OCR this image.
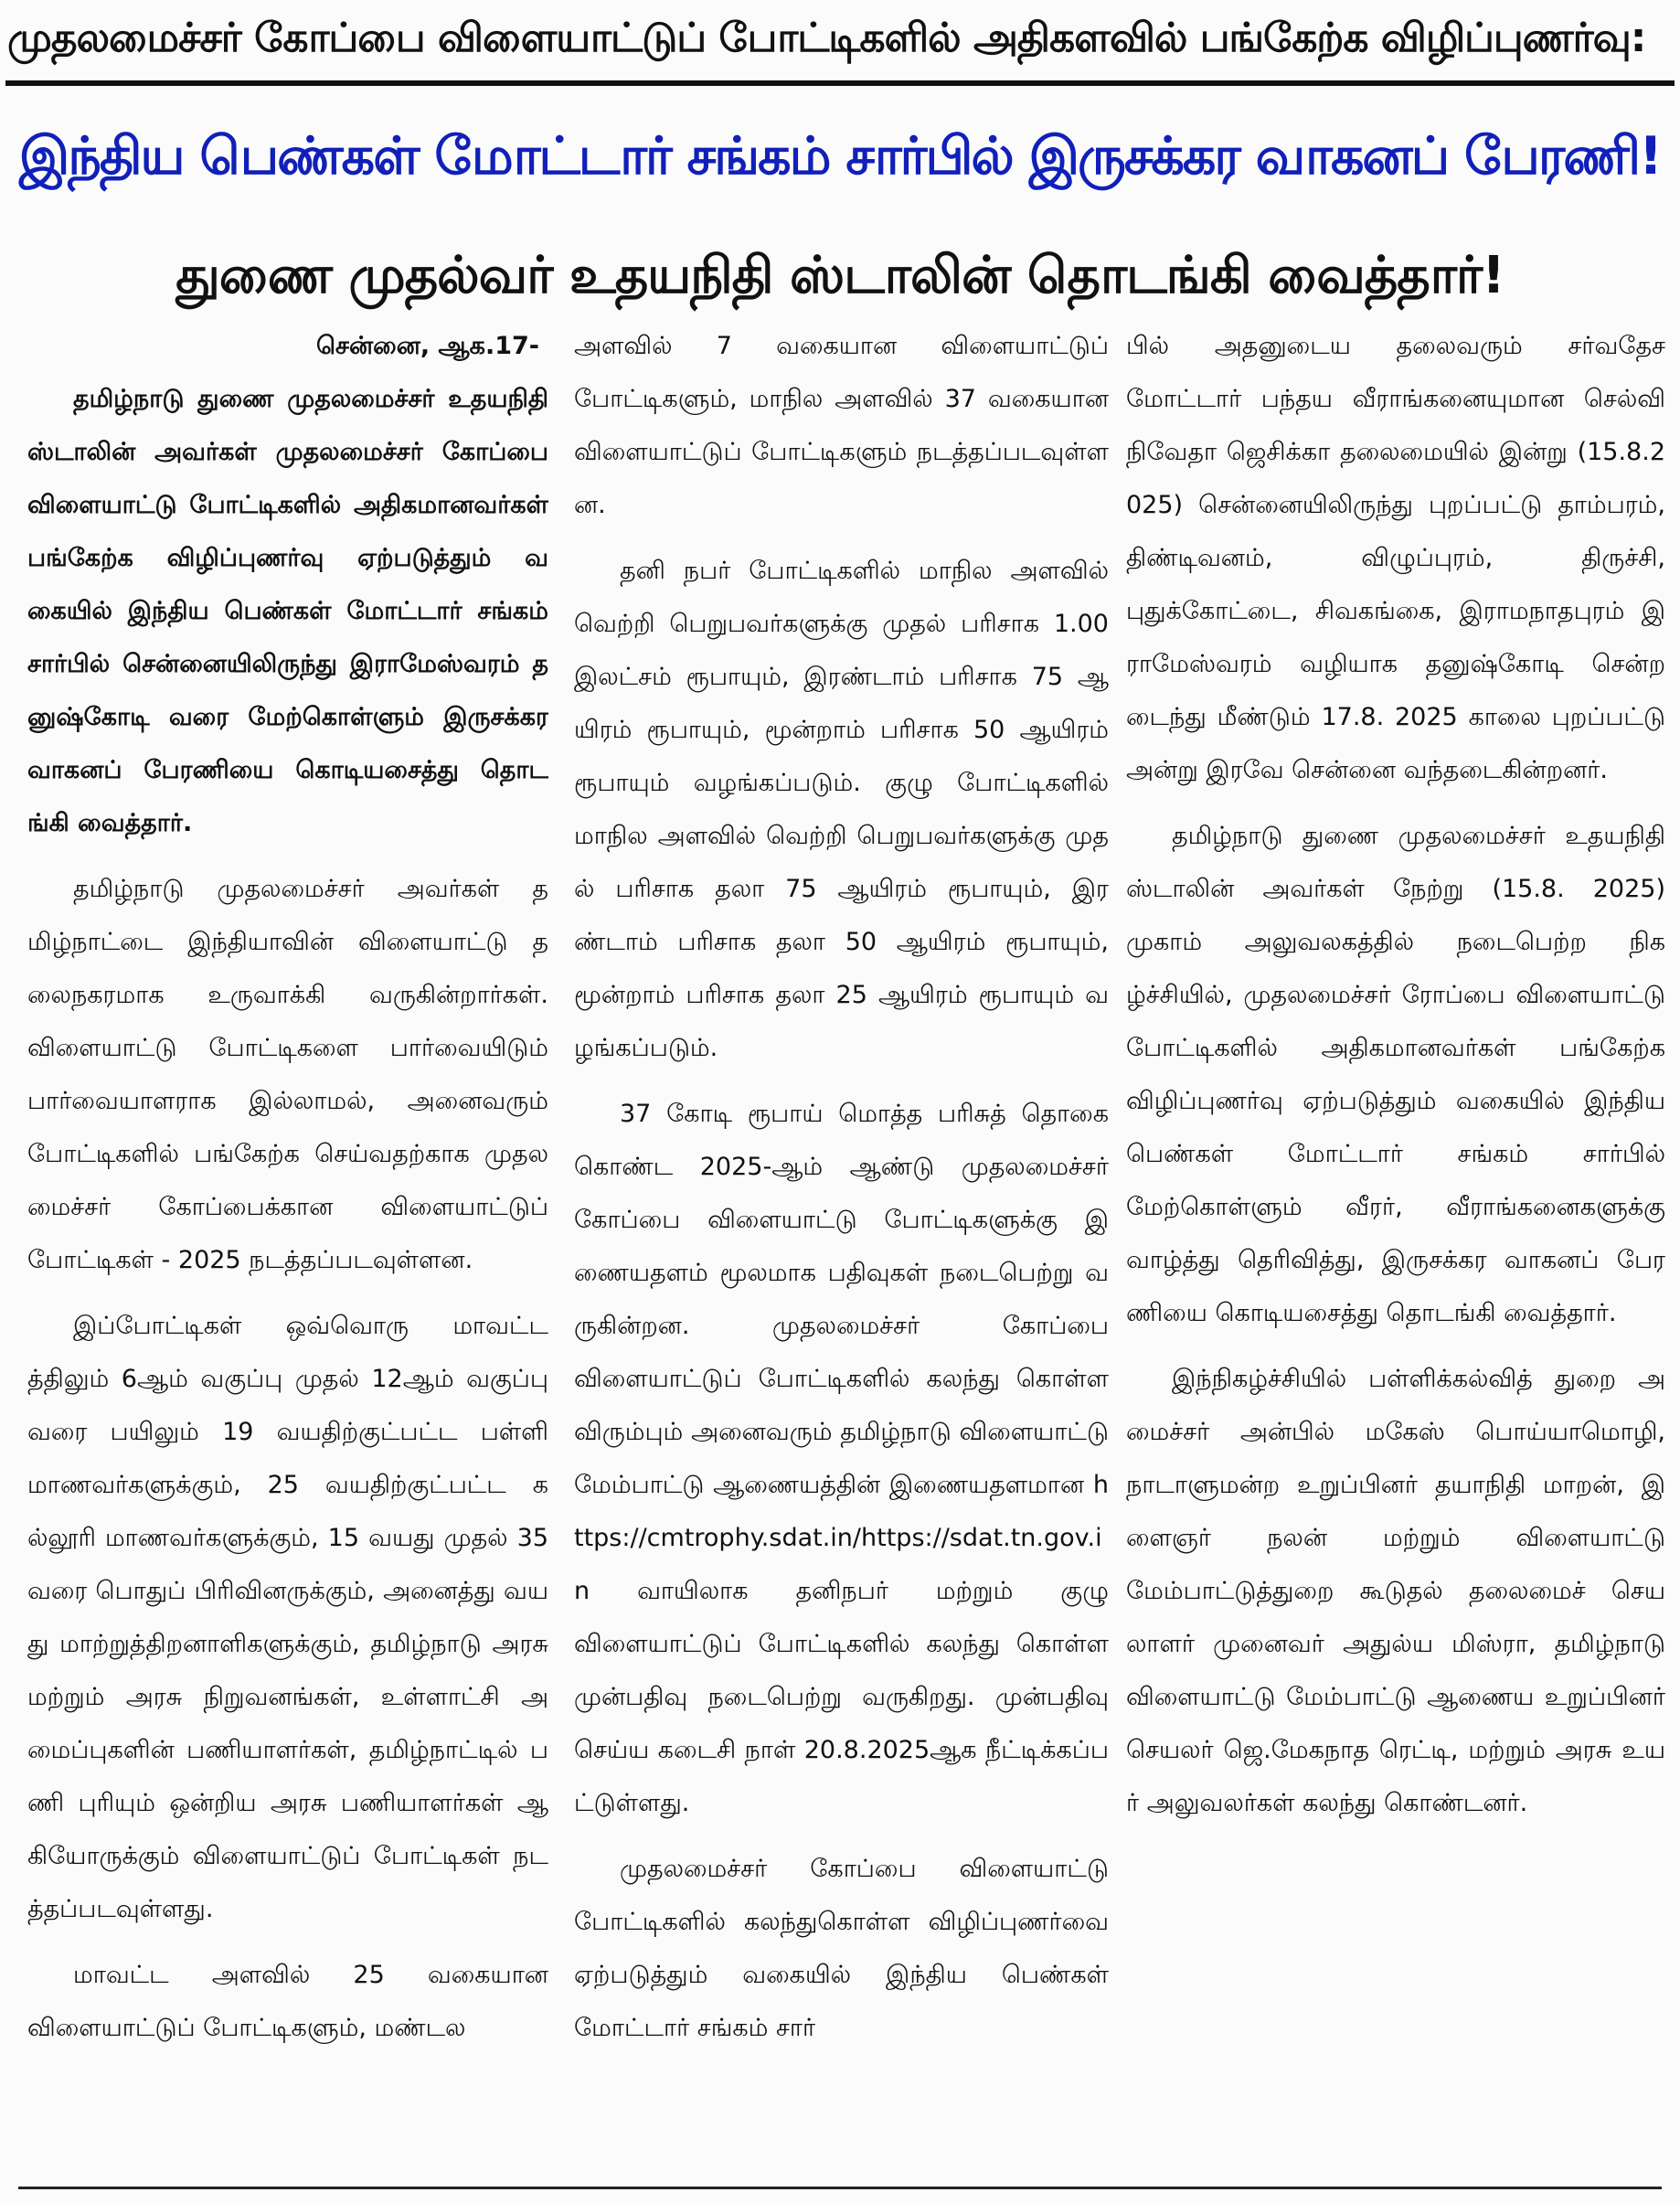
முதலமைச்சர் கோப்பை விளையாட்டுப் போட்டிகளில் அதிகளவில் பங்கேற்க விழிப்புணர்வு:
இந்திய பெண்கள் மோட்டார் சங்கம் சார்பில் இருசக்கர வாகனப் பேரணி!
துணை முதல்வர் உதயநிதி ஸ்டாலின் தொடங்கி வைத்தார்!

சென்னை, ஆக.17-

தமிழ்நாடு துணை முதலமைச்சர் உதயநிதி ஸ்டாலின் அவர்கள் முதலமைச்சர் கோப்பை விளையாட்டு போட்டிகளில் அதிகமானவர்கள் பங்கேற்க விழிப்புணர்வு ஏற்படுத்தும் வகையில் இந்திய பெண்கள் மோட்டார் சங்கம் சார்பில் சென்னையிலிருந்து இராமேஸ்வரம் தனுஷ்கோடி வரை மேற்கொள்ளும் இருசக்கர வாகனப் பேரணியை கொடியசைத்து தொடங்கி வைத்தார்.

தமிழ்நாடு முதலமைச்சர் அவர்கள் தமிழ்நாட்டை இந்தியாவின் விளையாட்டு தலைநகரமாக உருவாக்கி வருகின்றார்கள். விளையாட்டு போட்டிகளை பார்வையிடும் பார்வையாளராக இல்லாமல், அனைவரும் போட்டிகளில் பங்கேற்க செய்வதற்காக முதலமைச்சர் கோப்பைக்கான விளையாட்டுப் போட்டிகள் - 2025 நடத்தப்படவுள்ளன.

இப்போட்டிகள் ஒவ்வொரு மாவட்டத்திலும் 6ஆம் வகுப்பு முதல் 12ஆம் வகுப்பு வரை பயிலும் 19 வயதிற்குட்பட்ட பள்ளி மாணவர்களுக்கும், 25 வயதிற்குட்பட்ட கல்லூரி மாணவர்களுக்கும், 15 வயது முதல் 35 வரை பொதுப் பிரிவினருக்கும், அனைத்து வயது மாற்றுத்திறனாளிகளுக்கும், தமிழ்நாடு அரசு மற்றும் அரசு நிறுவனங்கள், உள்ளாட்சி அமைப்புகளின் பணியாளர்கள், தமிழ்நாட்டில் பணி புரியும் ஒன்றிய அரசு பணியாளர்கள் ஆகியோருக்கும் விளையாட்டுப் போட்டிகள் நடத்தப்படவுள்ளது.

மாவட்ட அளவில் 25 வகையான விளையாட்டுப் போட்டிகளும், மண்டல

அளவில் 7 வகையான விளையாட்டுப் போட்டிகளும், மாநில அளவில் 37 வகையான விளையாட்டுப் போட்டிகளும் நடத்தப்படவுள்ளன.

தனி நபர் போட்டிகளில் மாநில அளவில் வெற்றி பெறுபவர்களுக்கு முதல் பரிசாக 1.00 இலட்சம் ரூபாயும், இரண்டாம் பரிசாக 75 ஆயிரம் ரூபாயும், மூன்றாம் பரிசாக 50 ஆயிரம் ரூபாயும் வழங்கப்படும். குழு போட்டிகளில் மாநில அளவில் வெற்றி பெறுபவர்களுக்கு முதல் பரிசாக தலா 75 ஆயிரம் ரூபாயும், இரண்டாம் பரிசாக தலா 50 ஆயிரம் ரூபாயும், மூன்றாம் பரிசாக தலா 25 ஆயிரம் ரூபாயும் வழங்கப்படும்.

37 கோடி ரூபாய் மொத்த பரிசுத் தொகை கொண்ட 2025-ஆம் ஆண்டு முதலமைச்சர் கோப்பை விளையாட்டு போட்டிகளுக்கு இணையதளம் மூலமாக பதிவுகள் நடைபெற்று வருகின்றன. முதலமைச்சர் கோப்பை விளையாட்டுப் போட்டிகளில் கலந்து கொள்ள விரும்பும் அனைவரும் தமிழ்நாடு விளையாட்டு மேம்பாட்டு ஆணையத்தின் இணையதளமான https://cmtrophy.sdat.in/https://sdat.tn.gov.in வாயிலாக தனிநபர் மற்றும் குழு விளையாட்டுப் போட்டிகளில் கலந்து கொள்ள முன்பதிவு நடைபெற்று வருகிறது. முன்பதிவு செய்ய கடைசி நாள் 20.8.2025ஆக நீட்டிக்கப்பட்டுள்ளது.

முதலமைச்சர் கோப்பை விளையாட்டு போட்டிகளில் கலந்துகொள்ள விழிப்புணர்வை ஏற்படுத்தும் வகையில் இந்திய பெண்கள் மோட்டார் சங்கம் சார்

பில் அதனுடைய தலைவரும் சர்வதேச மோட்டார் பந்தய வீராங்கனையுமான செல்வி நிவேதா ஜெசிக்கா தலைமையில் இன்று (15.8.2025) சென்னையிலிருந்து புறப்பட்டு தாம்பரம், திண்டிவனம், விழுப்புரம், திருச்சி, புதுக்கோட்டை, சிவகங்கை, இராமநாதபுரம் இராமேஸ்வரம் வழியாக தனுஷ்கோடி சென்றடைந்து மீண்டும் 17.8. 2025 காலை புறப்பட்டு அன்று இரவே சென்னை வந்தடைகின்றனர்.

தமிழ்நாடு துணை முதலமைச்சர் உதயநிதி ஸ்டாலின் அவர்கள் நேற்று (15.8. 2025) முகாம் அலுவலகத்தில் நடைபெற்ற நிகழ்ச்சியில், முதலமைச்சர் ரோப்பை விளையாட்டு போட்டிகளில் அதிகமானவர்கள் பங்கேற்க விழிப்புணர்வு ஏற்படுத்தும் வகையில் இந்திய பெண்கள் மோட்டார் சங்கம் சார்பில் மேற்கொள்ளும் வீரர், வீராங்கனைகளுக்கு வாழ்த்து தெரிவித்து, இருசக்கர வாகனப் பேரணியை கொடியசைத்து தொடங்கி வைத்தார்.

இந்நிகழ்ச்சியில் பள்ளிக்கல்வித் துறை அமைச்சர் அன்பில் மகேஸ் பொய்யாமொழி, நாடாளுமன்ற உறுப்பினர் தயாநிதி மாறன், இளைஞர் நலன் மற்றும் விளையாட்டு மேம்பாட்டுத்துறை கூடுதல் தலைமைச் செயலாளர் முனைவர் அதுல்ய மிஸ்ரா, தமிழ்நாடு விளையாட்டு மேம்பாட்டு ஆணைய உறுப்பினர் செயலர் ஜெ.மேகநாத ரெட்டி, மற்றும் அரசு உயர் அலுவலர்கள் கலந்து கொண்டனர்.
